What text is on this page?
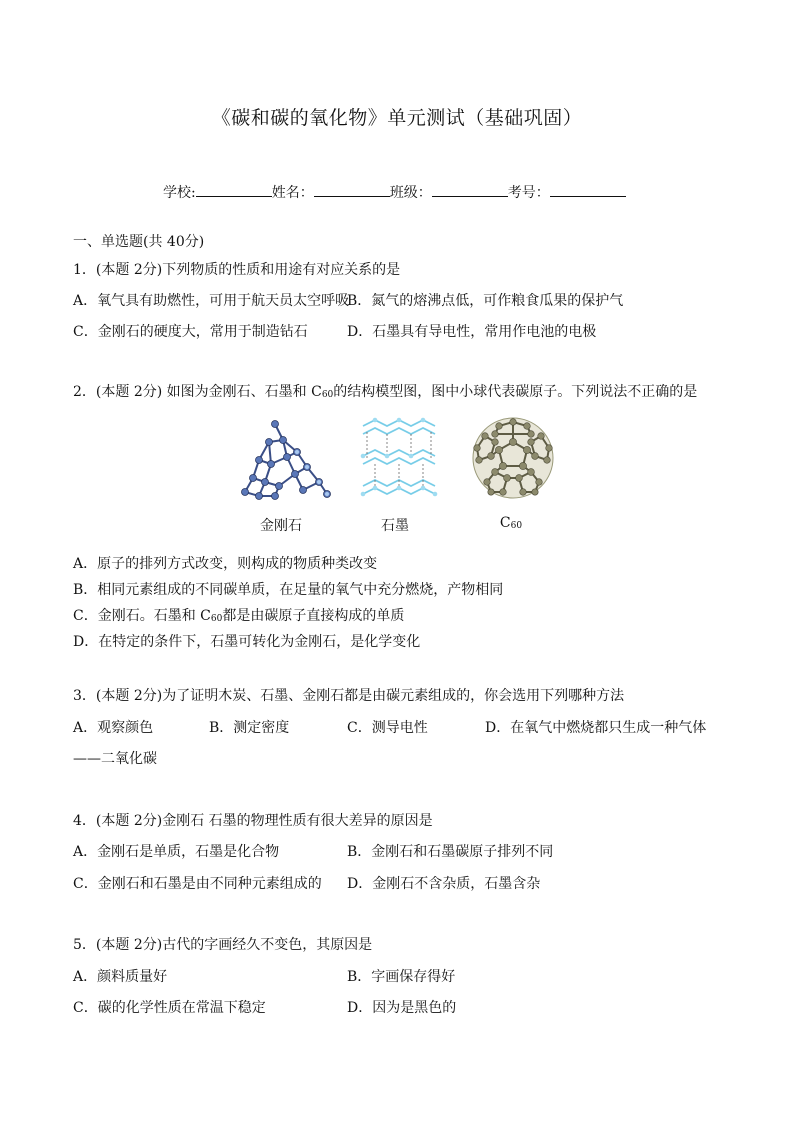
《碳和碳的氧化物》单元测试（基础巩固）
学校:	姓名：	班级：	考号：
一、单选题(共 40分)
1．(本题 2分)下列物质的性质和用途有对应关系的是
A．氧气具有助燃性，可用于航天员太空呼吸
B．氮气的熔沸点低，可作粮食瓜果的保护气
C．金刚石的硬度大，常用于制造钻石	D．石墨具有导电性，常用作电池的电极
2．(本题 2分) 如图为金刚石、石墨和 $C_{60}$的结构模型图，图中小球代表碳原子。下列说法不正确的是
金刚石	石墨	$C_{60}$
A．原子的排列方式改变，则构成的物质种类改变
B．相同元素组成的不同碳单质，在足量的氧气中充分燃烧，产物相同
C．金刚石。石墨和 $C_{60}$都是由碳原子直接构成的单质
D．在特定的条件下，石墨可转化为金刚石，是化学变化
3．(本题 2分)为了证明木炭、石墨、金刚石都是由碳元素组成的，你会选用下列哪种方法
A．观察颜色	B．测定密度	C．测导电性	D．在氧气中燃烧都只生成一种气体
——二氧化碳
4．(本题 2分)金刚石 石墨的物理性质有很大差异的原因是
A．金刚石是单质，石墨是化合物	B．金刚石和石墨碳原子排列不同
C．金刚石和石墨是由不同种元素组成的 D．金刚石不含杂质，石墨含杂
5．(本题 2分)古代的字画经久不变色，其原因是
A．颜料质量好	B．字画保存得好
C．碳的化学性质在常温下稳定	D．因为是黑色的
